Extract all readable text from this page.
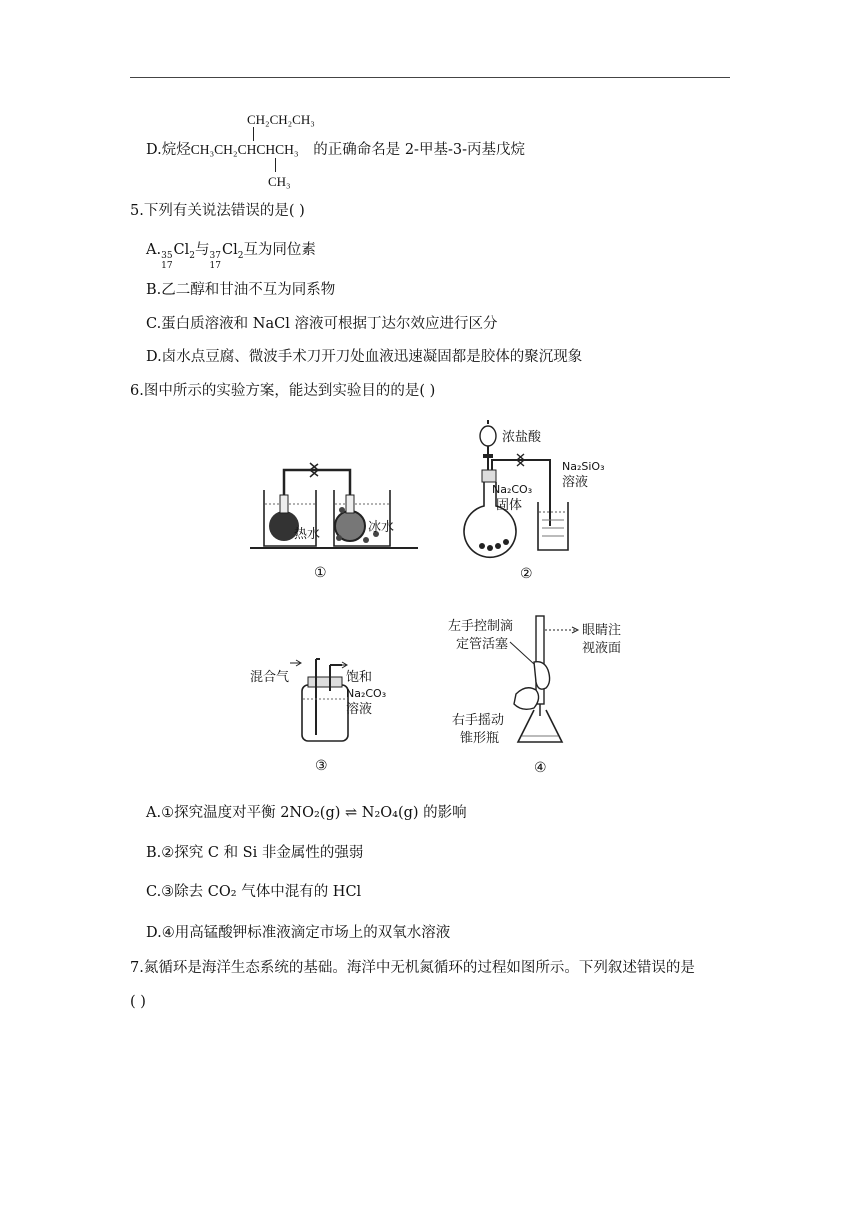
CH₂CH₂CH₃
D.烷烃CH₃CH₂CHCHCH₃ 的正确命名是 2-甲基-3-丙基戊烷
CH₃
5.下列有关说法错误的是( )
A. 35
17
$Cl_2$与 37
17
$Cl_2$互为同位素
B.乙二醇和甘油不互为同系物
C.蛋白质溶液和 NaCl 溶液可根据丁达尔效应进行区分
D.卤水点豆腐、微波手术刀开刀处血液迅速凝固都是胶体的聚沉现象
6.图中所示的实验方案，能达到实验目的的是( )
热水	冰水
①
浓盐酸
Na₂CO₃
固体
Na₂SiO₃
溶液
②
混合气	饱和
Na₂CO₃
溶液
③
左手控制滴
定管活塞
眼睛注
视液面
右手摇动
锥形瓶
④
A.①探究温度对平衡 2NO₂(g) ⇌ N₂O₄(g) 的影响
B.②探究 C 和 Si 非金属性的强弱
C.③除去 CO₂ 气体中混有的 HCl
D.④用高锰酸钾标准液滴定市场上的双氧水溶液
7.氮循环是海洋生态系统的基础。海洋中无机氮循环的过程如图所示。下列叙述错误的是
( )
